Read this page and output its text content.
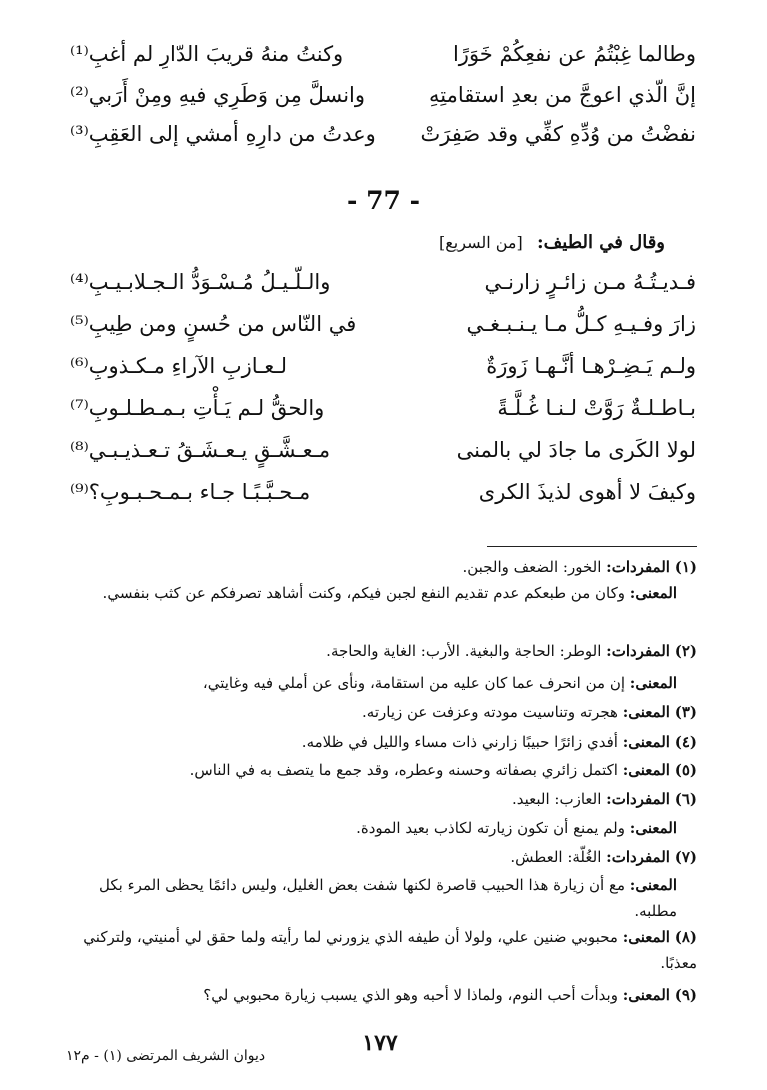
وطالما غِبْتُمُ عن نفعِكُمْ خَوَرًا
وكنتُ منهُ قريبَ الدّارِ لم أغبِ⁽¹⁾
إنَّ الّذي اعوجَّ من بعدِ استقامتِهِ
وانسلَّ مِن وَطَرِي فيهِ ومِنْ أَرَبي⁽²⁾
نفضْتُ من وُدِّهِ كفِّي وقد صَفِرَتْ
وعدتُ من دارِهِ أمشي إلى العَقِبِ⁽³⁾
- 77 -
وقال في الطيف: [من السريع]
فـديـتُـهُ مـن زائـرٍ زارنـي
والـلّـيـلُ مُـسْـوَدُّ الـجـلابـيـبِ⁽⁴⁾
زارَ وفـيـهِ كـلُّ مـا يـنـبـغـي
في النّاس من حُسنٍ ومن طِيبِ⁽⁵⁾
ولـم يَـضِـرْهـا أنَّـهـا زَورَةٌ
لـعـازبِ الآراءِ مـكـذوبِ⁽⁶⁾
بـاطـلـةٌ رَوَّتْ لـنـا غُـلَّـةً
والحقُّ لـم يَـأْتِ بـمـطـلـوبِ⁽⁷⁾
لولا الكَرى ما جادَ لي بالمنى
مـعـشَّـقٍ يـعـشَـقُ تـعـذيـبـي⁽⁸⁾
وكيفَ لا أهوى لذيذَ الكرى
مـحـبَّـبًـا جـاء بـمـحـبـوبِ؟⁽⁹⁾
(١) المفردات: الخور: الضعف والجبن.
المعنى: وكان من طبعكم عدم تقديم النفع لجبن فيكم، وكنت أشاهد تصرفكم عن كثب بنفسي.
(٢) المفردات: الوطر: الحاجة والبغية. الأرب: الغاية والحاجة.
المعنى: إن من انحرف عما كان عليه من استقامة، ونأى عن أملي فيه وغايتي،
(٣) المعنى: هجرته وتناسيت مودته وعزفت عن زيارته.
(٤) المعنى: أفدي زائرًا حبيبًا زارني ذات مساء والليل في ظلامه.
(٥) المعنى: اكتمل زائري بصفاته وحسنه وعطره، وقد جمع ما يتصف به في الناس.
(٦) المفردات: العازب: البعيد.
المعنى: ولم يمنع أن تكون زيارته لكاذب بعيد المودة.
(٧) المفردات: الغُلّة: العطش.
المعنى: مع أن زيارة هذا الحبيب قاصرة لكنها شفت بعض الغليل، وليس دائمًا يحظى المرء بكل مطلبه.
(٨) المعنى: محبوبي ضنين علي، ولولا أن طيفه الذي يزورني لما رأيته ولما حقق لي أمنيتي، ولتركني معذبًا.
(٩) المعنى: وبدأت أحب النوم، ولماذا لا أحبه وهو الذي يسبب زيارة محبوبي لي؟
١٧٧
ديوان الشريف المرتضى (١) - م١٢
